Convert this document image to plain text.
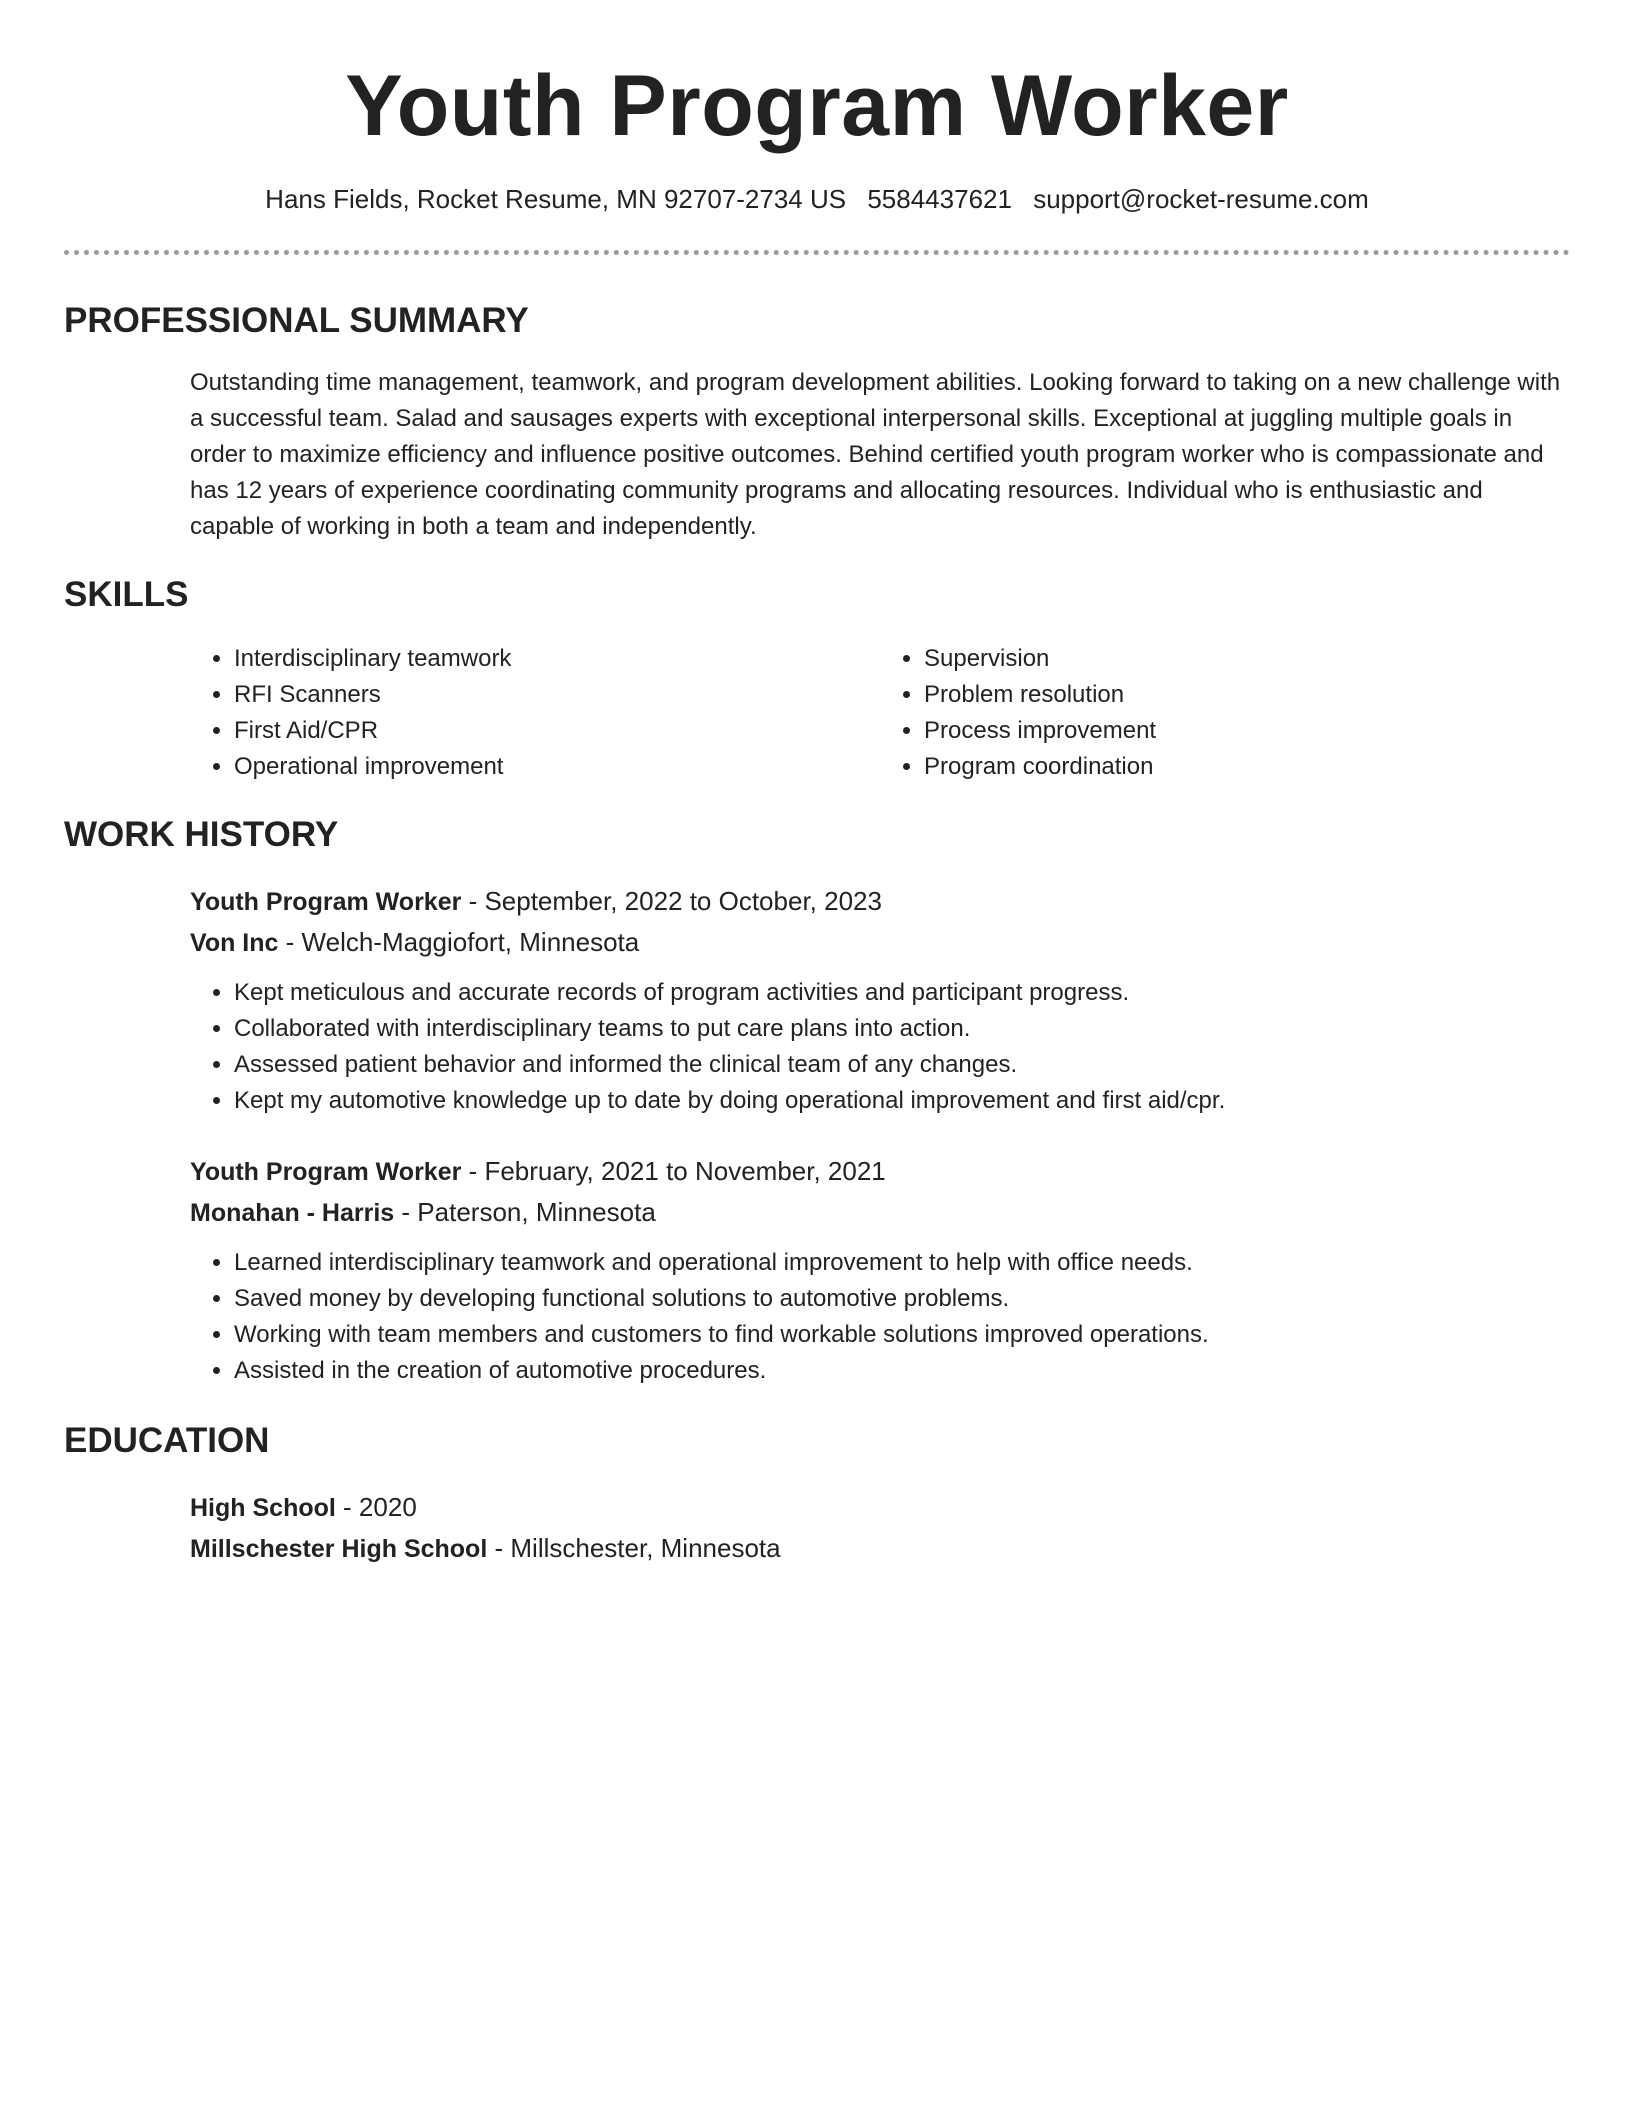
Youth Program Worker
Hans Fields, Rocket Resume, MN 92707-2734 US 5584437621 support@rocket-resume.com
PROFESSIONAL SUMMARY

Outstanding time management, teamwork, and program development abilities. Looking forward to taking on a new challenge with a successful team. Salad and sausages experts with exceptional interpersonal skills. Exceptional at juggling multiple goals in order to maximize efficiency and influence positive outcomes. Behind certified youth program worker who is compassionate and has 12 years of experience coordinating community programs and allocating resources. Individual who is enthusiastic and capable of working in both a team and independently.

SKILLS
• Interdisciplinary teamwork
• RFI Scanners
• First Aid/CPR
• Operational improvement
• Supervision
• Problem resolution
• Process improvement
• Program coordination
WORK HISTORY
Youth Program Worker - September, 2022 to October, 2023
Von Inc - Welch-Maggiofort, Minnesota
• Kept meticulous and accurate records of program activities and participant progress.
• Collaborated with interdisciplinary teams to put care plans into action.
• Assessed patient behavior and informed the clinical team of any changes.
• Kept my automotive knowledge up to date by doing operational improvement and first aid/cpr.
Youth Program Worker - February, 2021 to November, 2021
Monahan - Harris - Paterson, Minnesota
• Learned interdisciplinary teamwork and operational improvement to help with office needs.
• Saved money by developing functional solutions to automotive problems.
• Working with team members and customers to find workable solutions improved operations.
• Assisted in the creation of automotive procedures.
EDUCATION
High School - 2020
Millschester High School - Millschester, Minnesota
